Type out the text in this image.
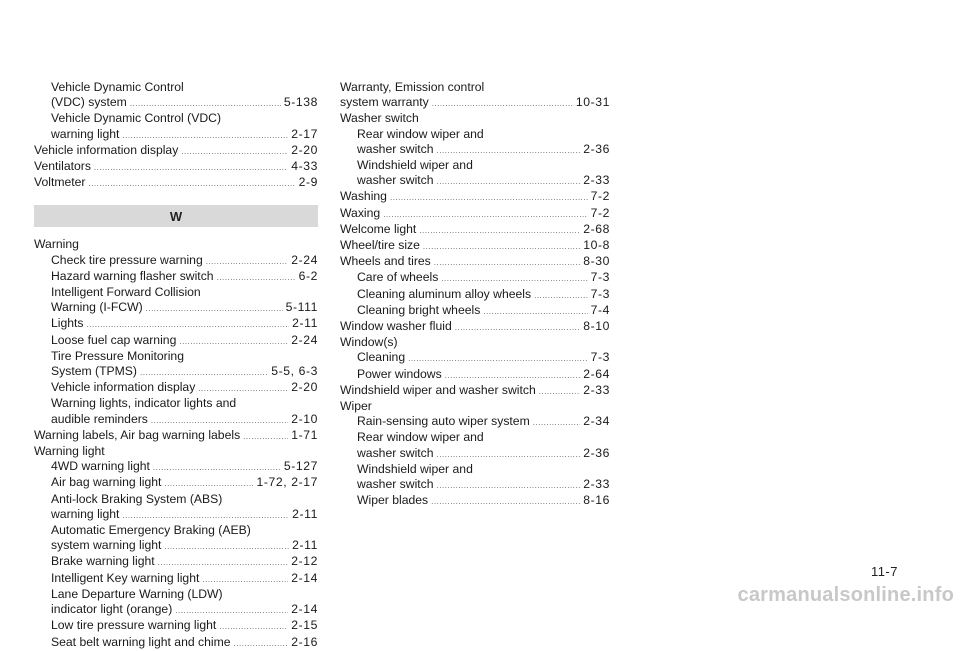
Vehicle Dynamic Control
(VDC) system .....	5-138
Vehicle Dynamic Control (VDC)
warning light .....	2-17
Vehicle information display .....	2-20
Ventilators .....	4-33
Voltmeter .....	2-9
W
Warning
Check tire pressure warning .....	2-24
Hazard warning flasher switch .....	6-2
Intelligent Forward Collision
Warning (I-FCW) .....	5-111
Lights .....	2-11
Loose fuel cap warning .....	2-24
Tire Pressure Monitoring
System (TPMS) .....	5-5, 6-3
Vehicle information display .....	2-20
Warning lights, indicator lights and
audible reminders .....	2-10
Warning labels, Air bag warning labels .....	1-71
Warning light
4WD warning light .....	5-127
Air bag warning light .....	1-72, 2-17
Anti-lock Braking System (ABS)
warning light .....	2-11
Automatic Emergency Braking (AEB)
system warning light .....	2-11
Brake warning light .....	2-12
Intelligent Key warning light .....	2-14
Lane Departure Warning (LDW)
indicator light (orange) .....	2-14
Low tire pressure warning light .....	2-15
Seat belt warning light and chime .....	2-16
Warranty, Emission control
system warranty .....	10-31
Washer switch
Rear window wiper and
washer switch .....	2-36
Windshield wiper and
washer switch .....	2-33
Washing .....	7-2
Waxing .....	7-2
Welcome light .....	2-68
Wheel/tire size .....	10-8
Wheels and tires .....	8-30
Care of wheels .....	7-3
Cleaning aluminum alloy wheels .....	7-3
Cleaning bright wheels .....	7-4
Window washer fluid .....	8-10
Window(s)
Cleaning .....	7-3
Power windows .....	2-64
Windshield wiper and washer switch .....	2-33
Wiper
Rain-sensing auto wiper system .....	2-34
Rear window wiper and
washer switch .....	2-36
Windshield wiper and
washer switch .....	2-33
Wiper blades .....	8-16
11-7
carmanualsonline.info
